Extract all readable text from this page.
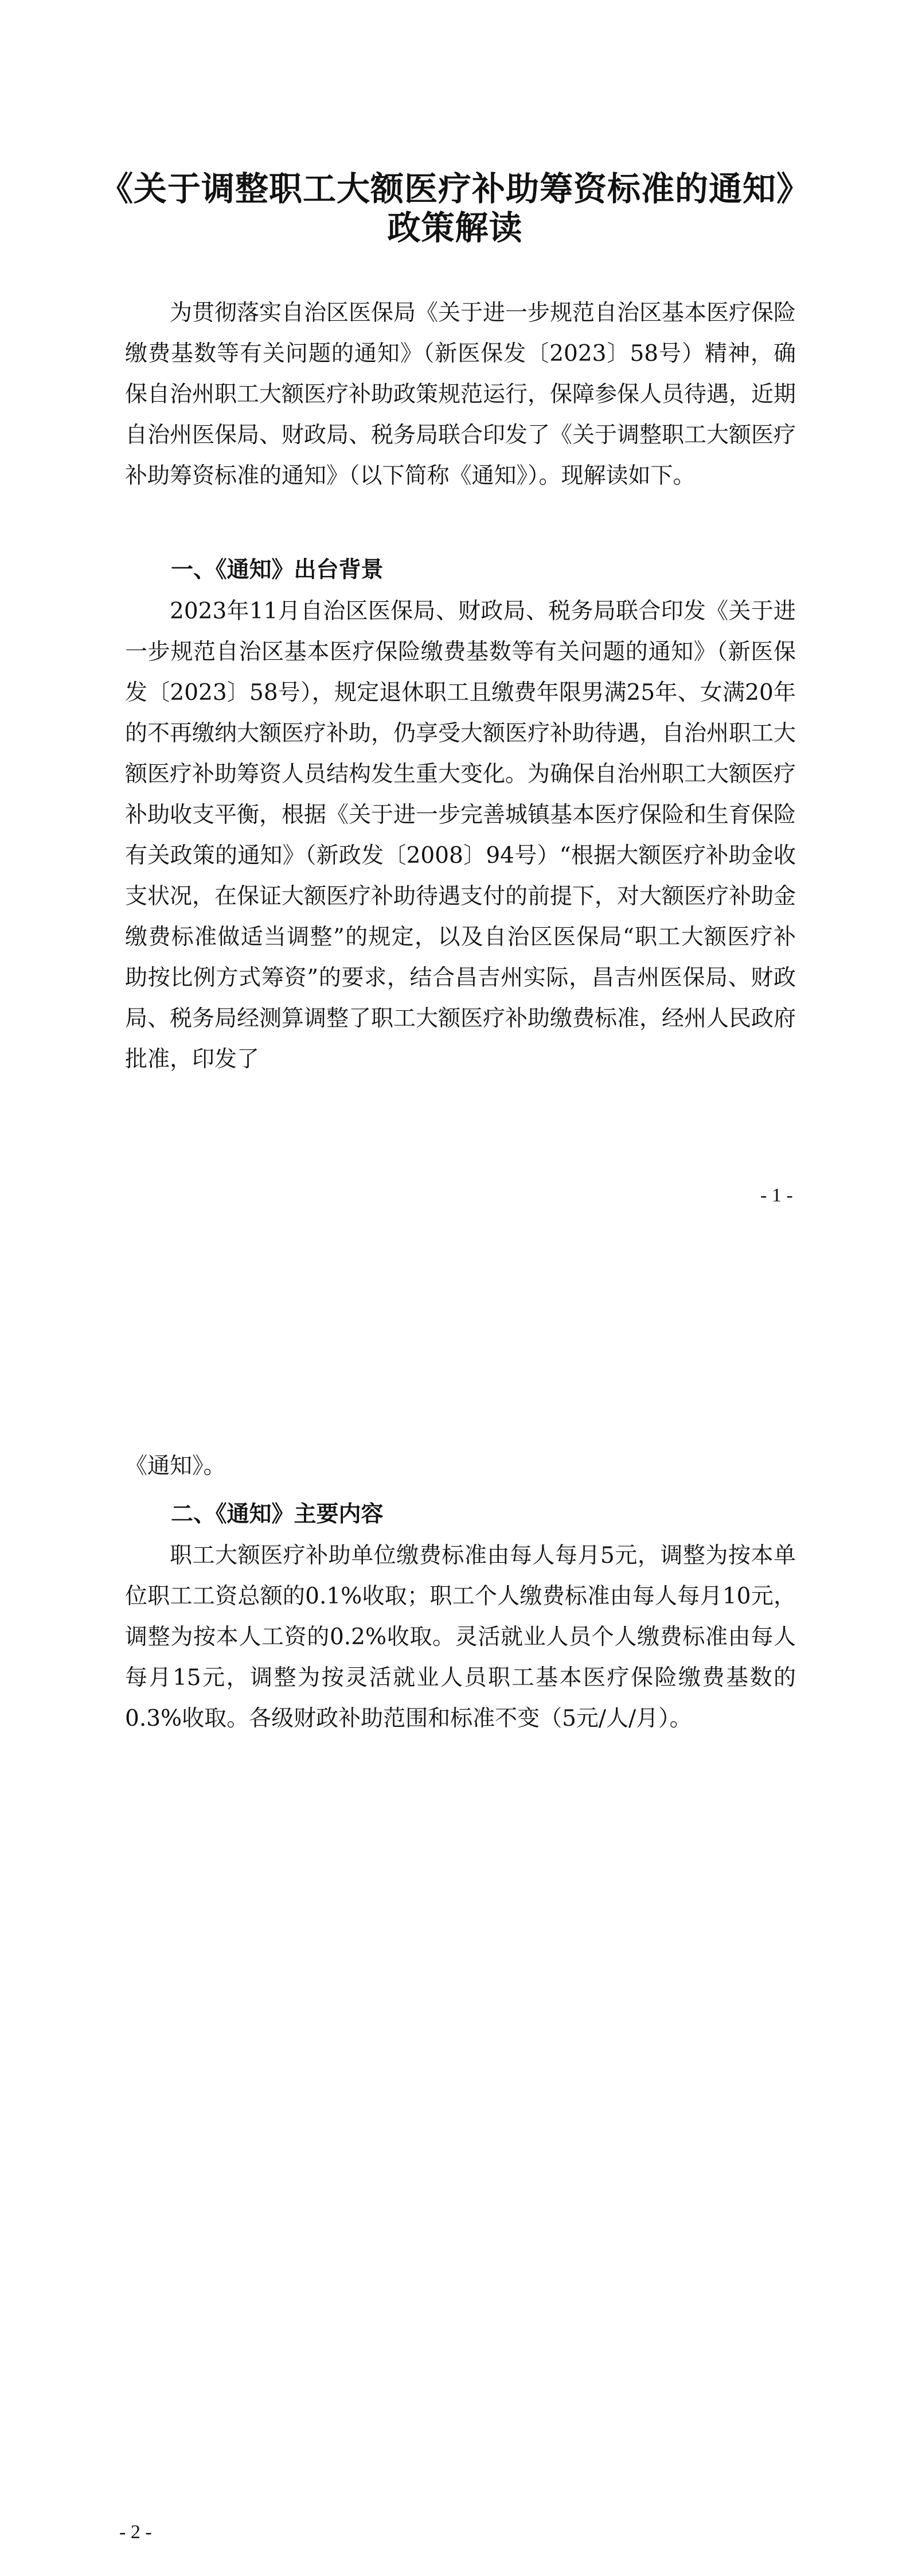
《关于调整职工大额医疗补助筹资标准的通知》
政策解读

为贯彻落实自治区医保局《关于进一步规范自治区基本医疗保险缴费基数等有关问题的通知》（新医保发〔2023〕58号）精神，确保自治州职工大额医疗补助政策规范运行，保障参保人员待遇，近期自治州医保局、财政局、税务局联合印发了《关于调整职工大额医疗补助筹资标准的通知》（以下简称《通知》）。现解读如下。

一、《通知》出台背景

2023年11月自治区医保局、财政局、税务局联合印发《关于进一步规范自治区基本医疗保险缴费基数等有关问题的通知》（新医保发〔2023〕58号），规定退休职工且缴费年限男满25年、女满20年的不再缴纳大额医疗补助，仍享受大额医疗补助待遇，自治州职工大额医疗补助筹资人员结构发生重大变化。为确保自治州职工大额医疗补助收支平衡，根据《关于进一步完善城镇基本医疗保险和生育保险有关政策的通知》（新政发〔2008〕94号）“根据大额医疗补助金收支状况，在保证大额医疗补助待遇支付的前提下，对大额医疗补助金缴费标准做适当调整”的规定，以及自治区医保局“职工大额医疗补助按比例方式筹资”的要求，结合昌吉州实际，昌吉州医保局、财政局、税务局经测算调整了职工大额医疗补助缴费标准，经州人民政府批准，印发了

- 1 -

《通知》。

二、《通知》主要内容

职工大额医疗补助单位缴费标准由每人每月5元，调整为按本单位职工工资总额的0.1%收取；职工个人缴费标准由每人每月10元，调整为按本人工资的0.2%收取。灵活就业人员个人缴费标准由每人每月15元，调整为按灵活就业人员职工基本医疗保险缴费基数的0.3%收取。各级财政补助范围和标准不变（5元/人/月）。

- 2 -
